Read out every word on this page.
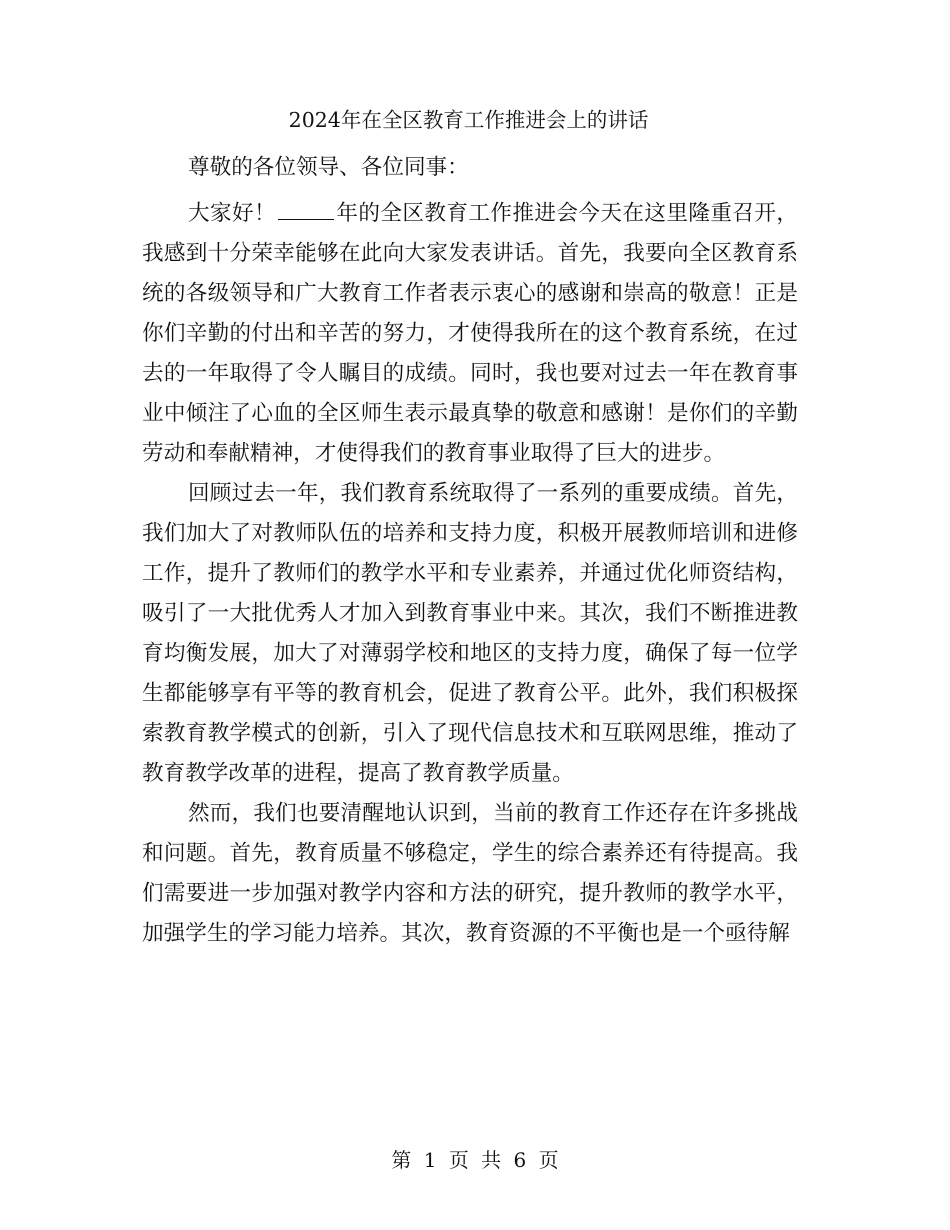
2024年在全区教育工作推进会上的讲话

尊敬的各位领导、各位同事：

大家好！	年的全区教育工作推进会今天在这里隆重召开，我感到十分荣幸能够在此向大家发表讲话。首先，我要向全区教育系统的各级领导和广大教育工作者表示衷心的感谢和崇高的敬意！正是你们辛勤的付出和辛苦的努力，才使得我所在的这个教育系统，在过去的一年取得了令人瞩目的成绩。同时，我也要对过去一年在教育事业中倾注了心血的全区师生表示最真挚的敬意和感谢！是你们的辛勤劳动和奉献精神，才使得我们的教育事业取得了巨大的进步。

回顾过去一年，我们教育系统取得了一系列的重要成绩。首先，我们加大了对教师队伍的培养和支持力度，积极开展教师培训和进修工作，提升了教师们的教学水平和专业素养，并通过优化师资结构，吸引了一大批优秀人才加入到教育事业中来。其次，我们不断推进教育均衡发展，加大了对薄弱学校和地区的支持力度，确保了每一位学生都能够享有平等的教育机会，促进了教育公平。此外，我们积极探索教育教学模式的创新，引入了现代信息技术和互联网思维，推动了教育教学改革的进程，提高了教育教学质量。

然而，我们也要清醒地认识到，当前的教育工作还存在许多挑战和问题。首先，教育质量不够稳定，学生的综合素养还有待提高。我们需要进一步加强对教学内容和方法的研究，提升教师的教学水平，加强学生的学习能力培养。其次，教育资源的不平衡也是一个亟待解

第 1 页 共 6 页
